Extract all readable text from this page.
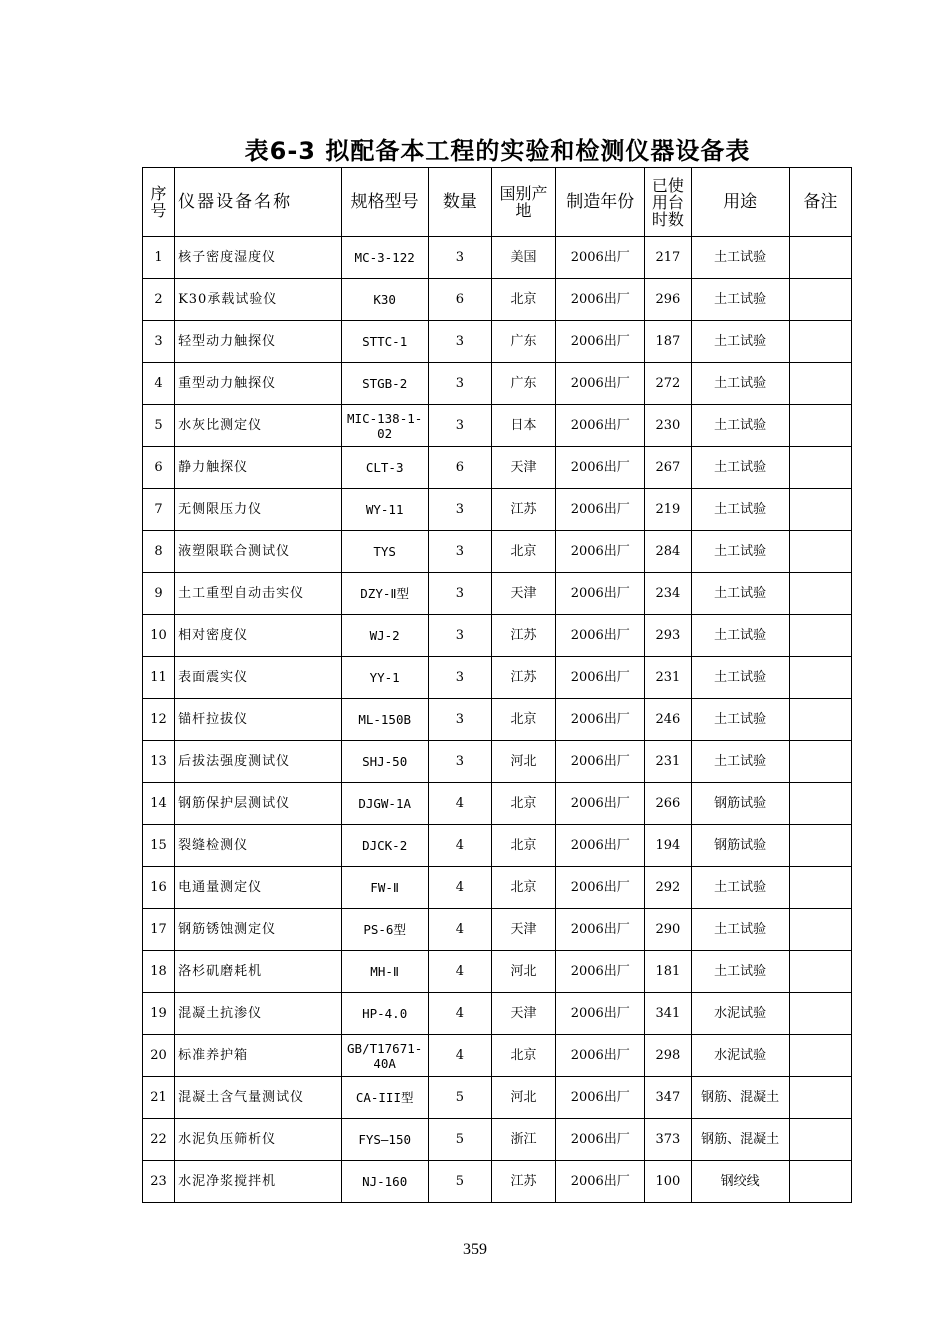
表6-3 拟配备本工程的实验和检测仪器设备表
序号	仪器设备名称	规格型号	数量	国别产地	制造年份	已使用台时数	用途	备注
1	核子密度湿度仪	MC-3-122	3	美国	2006出厂	217	土工试验	
2	K30承载试验仪	K30	6	北京	2006出厂	296	土工试验	
3	轻型动力触探仪	STTC-1	3	广东	2006出厂	187	土工试验	
4	重型动力触探仪	STGB-2	3	广东	2006出厂	272	土工试验	
5	水灰比测定仪	MIC-138-1-02	3	日本	2006出厂	230	土工试验	
6	静力触探仪	CLT-3	6	天津	2006出厂	267	土工试验	
7	无侧限压力仪	WY-11	3	江苏	2006出厂	219	土工试验	
8	液塑限联合测试仪	TYS	3	北京	2006出厂	284	土工试验	
9	土工重型自动击实仪	DZY-Ⅱ型	3	天津	2006出厂	234	土工试验	
10	相对密度仪	WJ-2	3	江苏	2006出厂	293	土工试验	
11	表面震实仪	YY-1	3	江苏	2006出厂	231	土工试验	
12	锚杆拉拔仪	ML-150B	3	北京	2006出厂	246	土工试验	
13	后拔法强度测试仪	SHJ-50	3	河北	2006出厂	231	土工试验	
14	钢筋保护层测试仪	DJGW-1A	4	北京	2006出厂	266	钢筋试验	
15	裂缝检测仪	DJCK-2	4	北京	2006出厂	194	钢筋试验	
16	电通量测定仪	FW-Ⅱ	4	北京	2006出厂	292	土工试验	
17	钢筋锈蚀测定仪	PS-6型	4	天津	2006出厂	290	土工试验	
18	洛杉矶磨耗机	MH-Ⅱ	4	河北	2006出厂	181	土工试验	
19	混凝土抗渗仪	HP-4.0	4	天津	2006出厂	341	水泥试验	
20	标准养护箱	GB/T17671-40A	4	北京	2006出厂	298	水泥试验	
21	混凝土含气量测试仪	CA-III型	5	河北	2006出厂	347	钢筋、混凝土	
22	水泥负压筛析仪	FYS—150	5	浙江	2006出厂	373	钢筋、混凝土	
23	水泥净浆搅拌机	NJ-160	5	江苏	2006出厂	100	钢绞线	
359
